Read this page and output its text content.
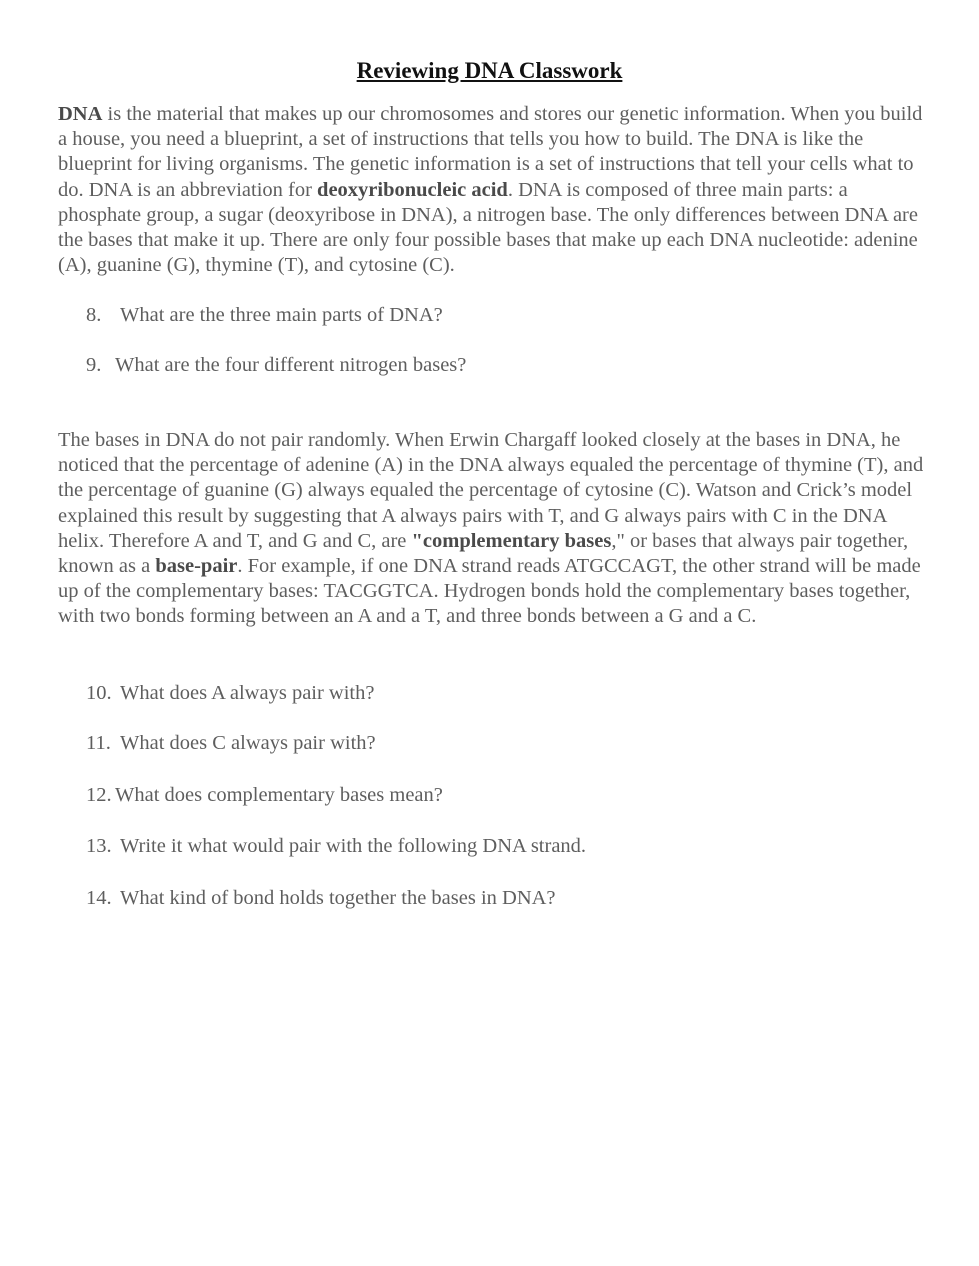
Reviewing DNA Classwork

DNA is the material that makes up our chromosomes and stores our genetic information. When you build a house, you need a blueprint, a set of instructions that tells you how to build. The DNA is like the blueprint for living organisms. The genetic information is a set of instructions that tell your cells what to do. DNA is an abbreviation for deoxyribonucleic acid. DNA is composed of three main parts: a phosphate group, a sugar (deoxyribose in DNA), a nitrogen base. The only differences between DNA are the bases that make it up. There are only four possible bases that make up each DNA nucleotide: adenine (A), guanine (G), thymine (T), and cytosine (C).

8. What are the three main parts of DNA?

9. What are the four different nitrogen bases?

The bases in DNA do not pair randomly. When Erwin Chargaff looked closely at the bases in DNA, he noticed that the percentage of adenine (A) in the DNA always equaled the percentage of thymine (T), and the percentage of guanine (G) always equaled the percentage of cytosine (C). Watson and Crick’s model explained this result by suggesting that A always pairs with T, and G always pairs with C in the DNA helix. Therefore A and T, and G and C, are "complementary bases," or bases that always pair together, known as a base-pair. For example, if one DNA strand reads ATGCCAGT, the other strand will be made up of the complementary bases: TACGGTCA. Hydrogen bonds hold the complementary bases together, with two bonds forming between an A and a T, and three bonds between a G and a C.

10. What does A always pair with?

11. What does C always pair with?

12. What does complementary bases mean?

13. Write it what would pair with the following DNA strand.

14. What kind of bond holds together the bases in DNA?
